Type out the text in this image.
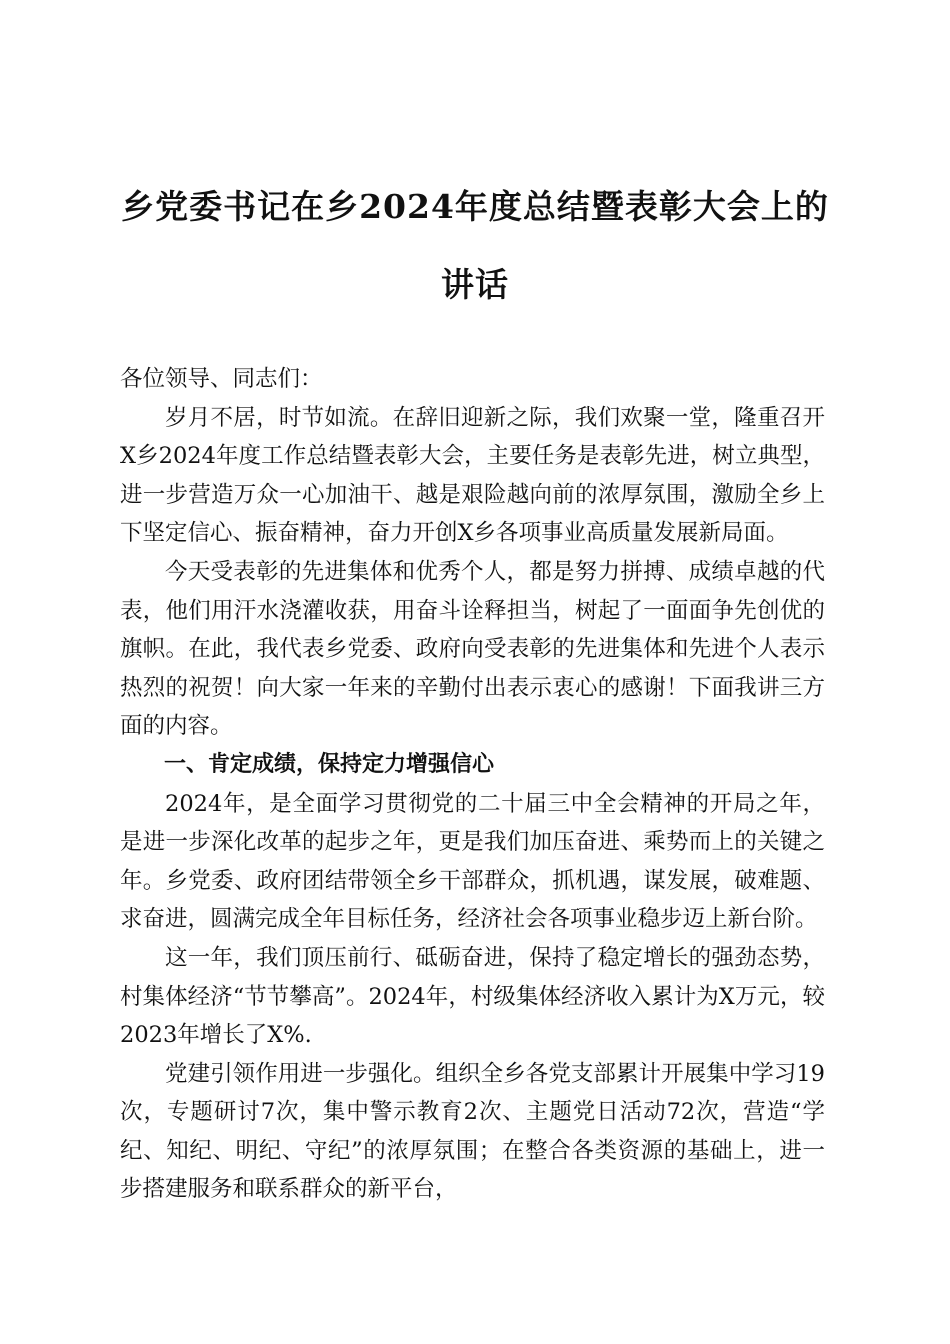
乡党委书记在乡2024年度总结暨表彰大会上的讲话

各位领导、同志们：

岁月不居，时节如流。在辞旧迎新之际，我们欢聚一堂，隆重召开X乡2024年度工作总结暨表彰大会，主要任务是表彰先进，树立典型，进一步营造万众一心加油干、越是艰险越向前的浓厚氛围，激励全乡上下坚定信心、振奋精神，奋力开创X乡各项事业高质量发展新局面。

今天受表彰的先进集体和优秀个人，都是努力拼搏、成绩卓越的代表，他们用汗水浇灌收获，用奋斗诠释担当，树起了一面面争先创优的旗帜。在此，我代表乡党委、政府向受表彰的先进集体和先进个人表示热烈的祝贺！向大家一年来的辛勤付出表示衷心的感谢！下面我讲三方面的内容。

一、肯定成绩，保持定力增强信心

2024年，是全面学习贯彻党的二十届三中全会精神的开局之年，是进一步深化改革的起步之年，更是我们加压奋进、乘势而上的关键之年。乡党委、政府团结带领全乡干部群众，抓机遇，谋发展，破难题、求奋进，圆满完成全年目标任务，经济社会各项事业稳步迈上新台阶。

这一年，我们顶压前行、砥砺奋进，保持了稳定增长的强劲态势，村集体经济“节节攀高”。2024年，村级集体经济收入累计为X万元，较2023年增长了X%.

党建引领作用进一步强化。组织全乡各党支部累计开展集中学习19次，专题研讨7次，集中警示教育2次、主题党日活动72次，营造“学纪、知纪、明纪、守纪”的浓厚氛围；在整合各类资源的基础上，进一步搭建服务和联系群众的新平台，
